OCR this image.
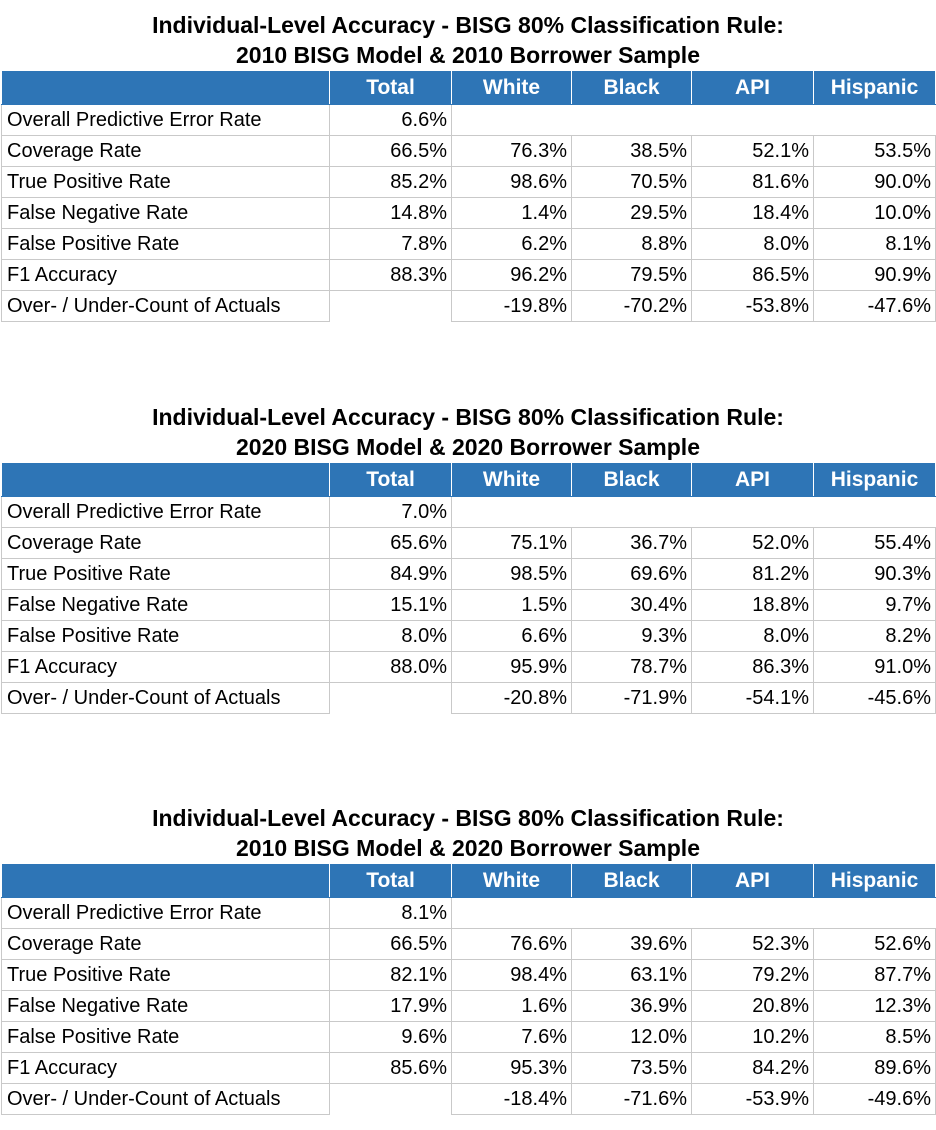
Individual-Level Accuracy - BISG 80% Classification Rule:
2010 BISG Model & 2010 Borrower Sample
	Total	White	Black	API	Hispanic
Overall Predictive Error Rate	6.6%				
Coverage Rate	66.5%	76.3%	38.5%	52.1%	53.5%
True Positive Rate	85.2%	98.6%	70.5%	81.6%	90.0%
False Negative Rate	14.8%	1.4%	29.5%	18.4%	10.0%
False Positive Rate	7.8%	6.2%	8.8%	8.0%	8.1%
F1 Accuracy	88.3%	96.2%	79.5%	86.5%	90.9%
Over- / Under-Count of Actuals		-19.8%	-70.2%	-53.8%	-47.6%
Individual-Level Accuracy - BISG 80% Classification Rule:
2020 BISG Model & 2020 Borrower Sample
	Total	White	Black	API	Hispanic
Overall Predictive Error Rate	7.0%				
Coverage Rate	65.6%	75.1%	36.7%	52.0%	55.4%
True Positive Rate	84.9%	98.5%	69.6%	81.2%	90.3%
False Negative Rate	15.1%	1.5%	30.4%	18.8%	9.7%
False Positive Rate	8.0%	6.6%	9.3%	8.0%	8.2%
F1 Accuracy	88.0%	95.9%	78.7%	86.3%	91.0%
Over- / Under-Count of Actuals		-20.8%	-71.9%	-54.1%	-45.6%
Individual-Level Accuracy - BISG 80% Classification Rule:
2010 BISG Model & 2020 Borrower Sample
	Total	White	Black	API	Hispanic
Overall Predictive Error Rate	8.1%				
Coverage Rate	66.5%	76.6%	39.6%	52.3%	52.6%
True Positive Rate	82.1%	98.4%	63.1%	79.2%	87.7%
False Negative Rate	17.9%	1.6%	36.9%	20.8%	12.3%
False Positive Rate	9.6%	7.6%	12.0%	10.2%	8.5%
F1 Accuracy	85.6%	95.3%	73.5%	84.2%	89.6%
Over- / Under-Count of Actuals		-18.4%	-71.6%	-53.9%	-49.6%
